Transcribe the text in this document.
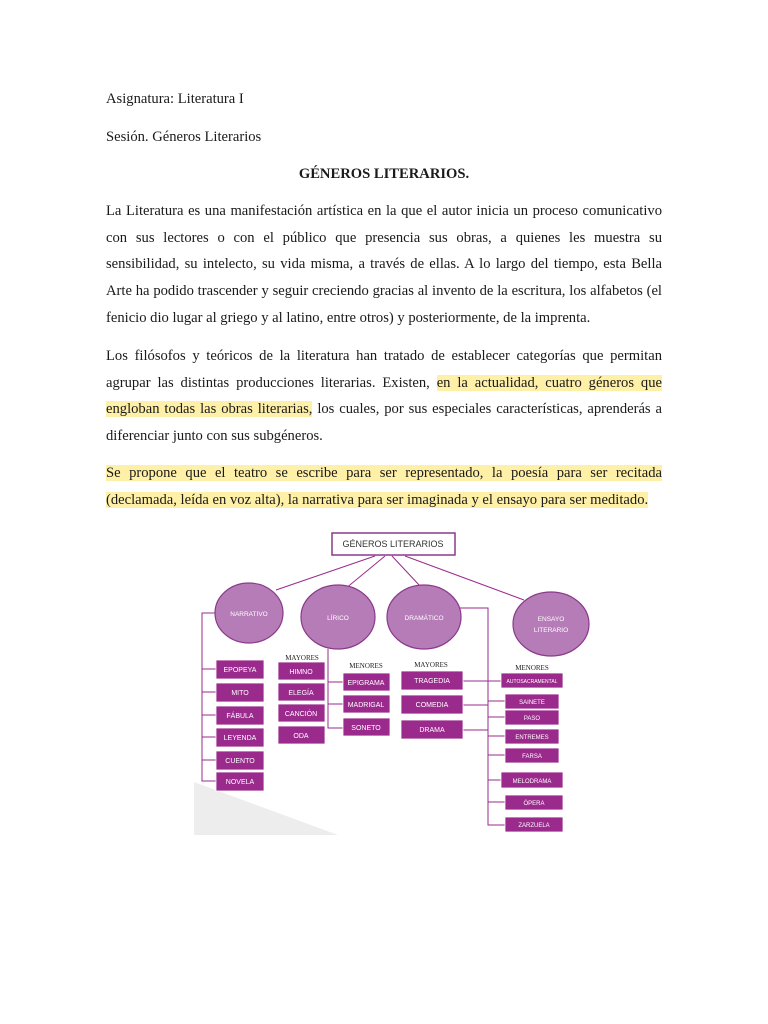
Asignatura: Literatura I
Sesión. Géneros Literarios
GÉNEROS LITERARIOS.
La Literatura es una manifestación artística en la que el autor inicia un proceso comunicativo con sus lectores o con el público que presencia sus obras, a quienes les muestra su sensibilidad, su intelecto, su vida misma, a través de ellas. A lo largo del tiempo, esta Bella Arte ha podido trascender y seguir creciendo gracias al invento de la escritura, los alfabetos (el fenicio dio lugar al griego y al latino, entre otros) y posteriormente, de la imprenta.
Los filósofos y teóricos de la literatura han tratado de establecer categorías que permitan agrupar las distintas producciones literarias. Existen, en la actualidad, cuatro géneros que engloban todas las obras literarias, los cuales, por sus especiales características, aprenderás a diferenciar junto con sus subgéneros.
Se propone que el teatro se escribe para ser representado, la poesía para ser recitada (declamada, leída en voz alta), la narrativa para ser imaginada y el ensayo para ser meditado.
GÉNEROS LITERARIOS
NARRATIVO
LÍRICO	DRAMÁTICO	ENSAYO
LITERARIO
MAYORES
MENORES	MAYORES	MENORES
EPOPEYA
MITO
FÁBULA
LEYENDA
CUENTO
NOVELA
HIMNO
ELEGÍA
CANCIÓN
ODA
EPIGRAMA
MADRIGAL
SONETO
TRAGEDIA
COMEDIA
DRAMA
AUTOSACRAMENTAL
SAINETE
PASO
ENTREMES
FARSA
MELODRAMA
ÓPERA
ZARZUELA
